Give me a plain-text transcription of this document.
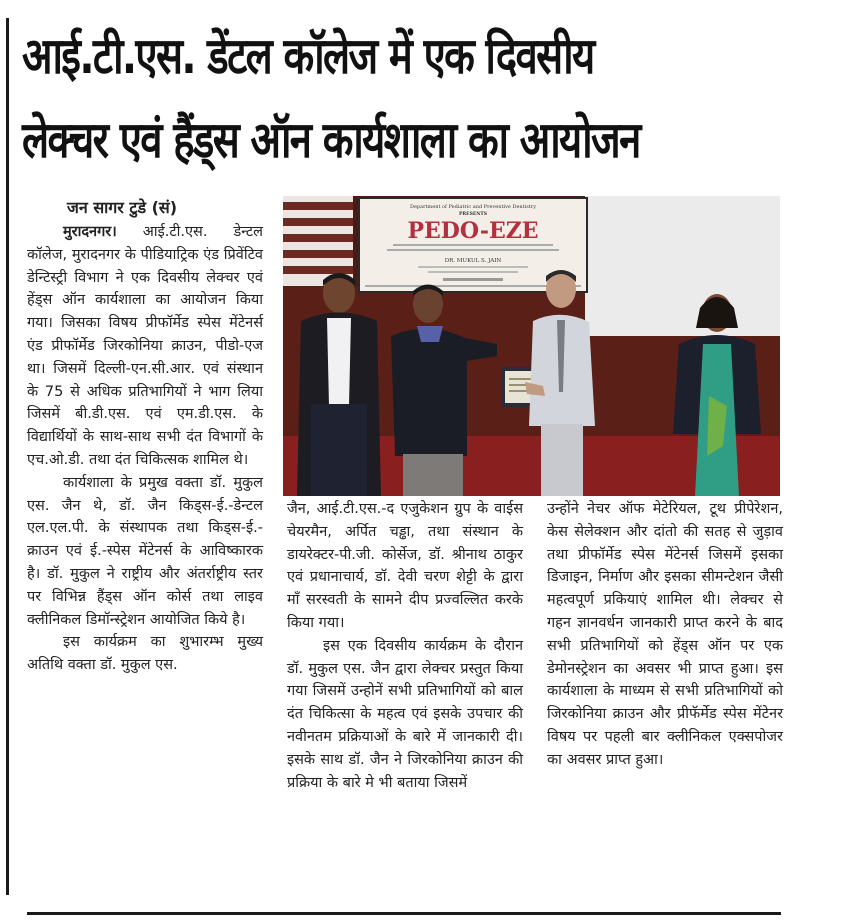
आई.टी.एस. डेंटल कॉलेज में एक दिवसीय
लेक्चर एवं हैंड्स ऑन कार्यशाला का आयोजन

जन सागर टुडे (सं)

मुरादनगर। आई.टी.एस. डेन्टल कॉलेज, मुरादनगर के पीडियाट्रिक एंड प्रिवेंटिव डेन्टिस्ट्री विभाग ने एक दिवसीय लेक्चर एवं हेंड्स ऑन कार्यशाला का आयोजन किया गया। जिसका विषय प्रीफॉर्मेड स्पेस मेंटेनर्स एंड प्रीफॉर्मेड जिरकोनिया क्राउन, पीडो-एज था। जिसमें दिल्ली-एन.सी.आर. एवं संस्थान के 75 से अधिक प्रतिभागियों ने भाग लिया जिसमें बी.डी.एस. एवं एम.डी.एस. के विद्यार्थियों के साथ-साथ सभी दंत विभागों के एच.ओ.डी. तथा दंत चिकित्सक शामिल थे।

कार्यशाला के प्रमुख वक्ता डॉ. मुकुल एस. जैन थे, डॉ. जैन किड्स-ई.-डेन्टल एल.एल.पी. के संस्थापक तथा किड्स-ई.-क्राउन एवं ई.-स्पेस मेंटेनर्स के आविष्कारक है। डॉ. मुकुल ने राष्ट्रीय और अंतर्राष्ट्रीय स्तर पर विभिन्न हैंड्स ऑन कोर्स तथा लाइव क्लीनिकल डिमॉन्स्ट्रेशन आयोजित किये है।

इस कार्यक्रम का शुभारम्भ मुख्य अतिथि वक्ता डॉ. मुकुल एस.

Department of Pediatric and Preventive Dentistry
PRESENTS
PEDO-EZE
DR. MUKUL S. JAIN

जैन, आई.टी.एस.-द एजुकेशन ग्रुप के वाईस चेयरमैन, अर्पित चड्ढा, तथा संस्थान के डायरेक्टर-पी.जी. कोर्सेज, डॉ. श्रीनाथ ठाकुर एवं प्रधानाचार्य, डॉ. देवी चरण शेट्टी के द्वारा माँ सरस्वती के सामने दीप प्रज्वल्लित करके किया गया।

इस एक दिवसीय कार्यक्रम के दौरान डॉ. मुकुल एस. जैन द्वारा लेक्चर प्रस्तुत किया गया जिसमें उन्होनें सभी प्रतिभागियों को बाल दंत चिकित्सा के महत्व एवं इसके उपचार की नवीनतम प्रक्रियाओं के बारे में जानकारी दी। इसके साथ डॉ. जैन ने जिरकोनिया क्राउन की प्रक्रिया के बारे मे भी बताया जिसमें

उन्होंने नेचर ऑफ मेटेरियल, टूथ प्रीपेरेशन, केस सेलेक्शन और दांतो की सतह से जुड़ाव तथा प्रीफॉर्मेड स्पेस मेंटेनर्स जिसमें इसका डिजाइन, निर्माण और इसका सीमन्टेशन जैसी महत्वपूर्ण प्रकियाएं शामिल थी। लेक्चर से गहन ज्ञानवर्धन जानकारी प्राप्त करने के बाद सभी प्रतिभागियों को हेंड्स ऑन पर एक डेमोनस्ट्रेशन का अवसर भी प्राप्त हुआ। इस कार्यशाला के माध्यम से सभी प्रतिभागियों को जिरकोनिया क्राउन और प्रीफॅर्मेड स्पेस मेंटेनर विषय पर पहली बार क्लीनिकल एक्सपोजर का अवसर प्राप्त हुआ।
